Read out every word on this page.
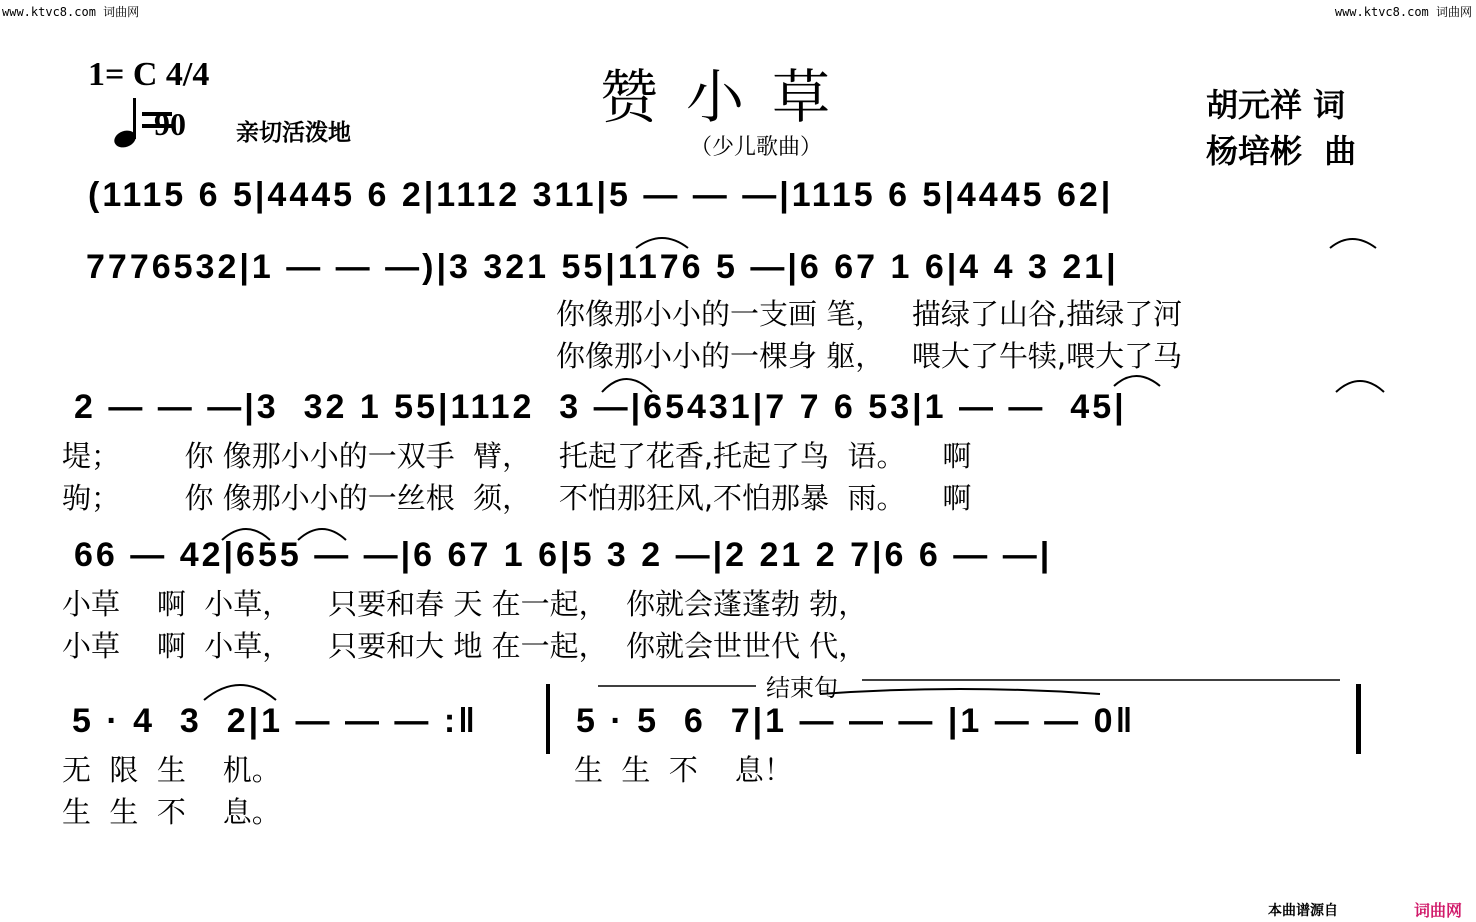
www.ktvc8.com 词曲网	www.ktvc8.com 词曲网
1= C 4/4

90

亲切活泼地

赞小草
（少儿歌曲）
胡元祥 词
杨培彬  曲
(1115 6 5|4445 6 2|1112 311|5 — — —|1115 6 5|4445 62|
7776532|1 — — —)|3 321 55|1176 5 —|6 67 1 6|4 4 3 21|
你像那小小的一支画 笔，   描绿了山谷,描绿了河
你像那小小的一棵身 躯，   喂大了牛犊,喂大了马
2 — — —|3  32 1 55|1112  3 —|65431|7 7 6 53|1 — —  45|
堤；       你 像那小小的一双手  臂，   托起了花香,托起了鸟  语。    啊
驹；       你 像那小小的一丝根  须，   不怕那狂风,不怕那暴  雨。    啊
66 — 42|655 — —|6 67 1 6|5 3 2 —|2 21 2 7|6 6 — —|
小草    啊  小草，    只要和春 天 在一起，  你就会蓬蓬勃 勃，
小草    啊  小草，    只要和大 地 在一起，  你就会世世代 代，
结束句
5 · 4  3  2|1 — — — :‖	5 · 5  6  7|1 — — — |1 — — 0‖
无  限  生    机。
生  生  不    息。
生  生  不    息！
本曲谱源自	词曲网
